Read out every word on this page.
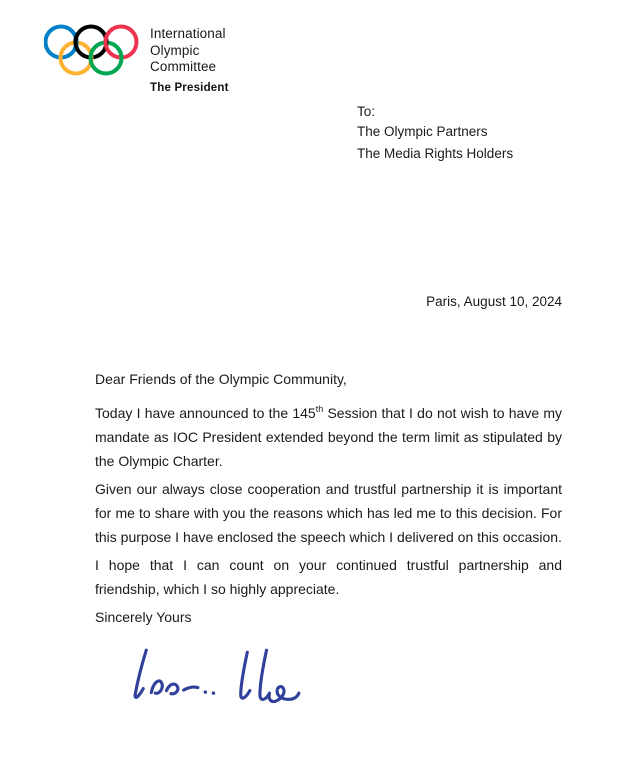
International
Olympic
Committee
The President
To:
The Olympic Partners
The Media Rights Holders
Paris, August 10, 2024
Dear Friends of the Olympic Community,

Today I have announced to the 145th Session that I do not wish to have my mandate as IOC President extended beyond the term limit as stipulated by the Olympic Charter.

Given our always close cooperation and trustful partnership it is important for me to share with you the reasons which has led me to this decision. For this purpose I have enclosed the speech which I delivered on this occasion.

I hope that I can count on your continued trustful partnership and friendship, which I so highly appreciate.

Sincerely Yours
